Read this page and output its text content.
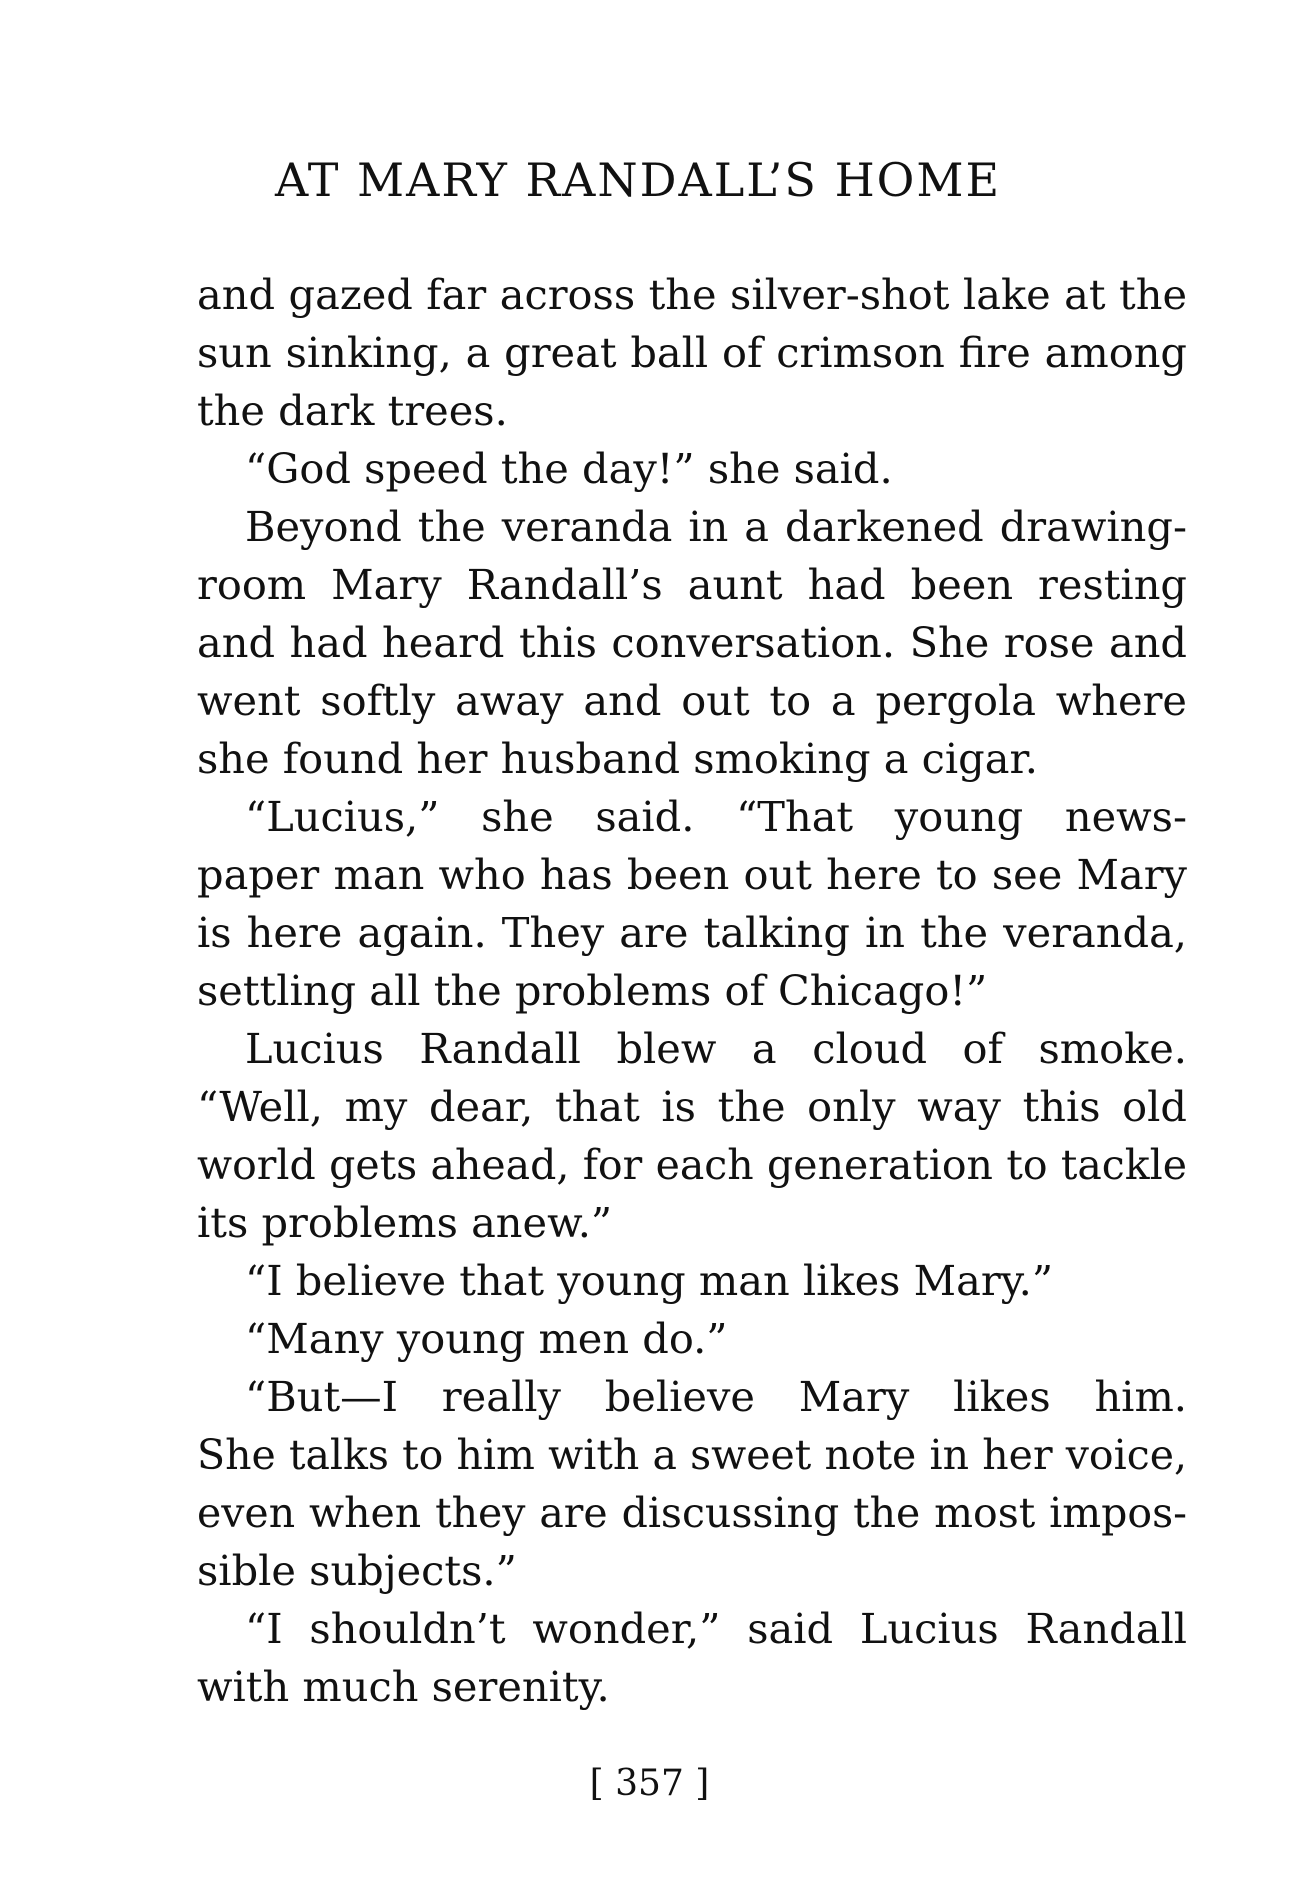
AT MARY RANDALL’S HOME
and gazed far across the silver-shot lake at the
sun sinking, a great ball of crimson fire among
the dark trees.
“God speed the day!” she said.
Beyond the veranda in a darkened drawing-
room Mary Randall’s aunt had been resting
and had heard this conversation. She rose and
went softly away and out to a pergola where
she found her husband smoking a cigar.
“Lucius,” she said. “That young news-
paper man who has been out here to see Mary
is here again. They are talking in the veranda,
settling all the problems of Chicago!”
Lucius Randall blew a cloud of smoke.
“Well, my dear, that is the only way this old
world gets ahead, for each generation to tackle
its problems anew.”
“I believe that young man likes Mary.”
“Many young men do.”
“But—I really believe Mary likes him.
She talks to him with a sweet note in her voice,
even when they are discussing the most impos-
sible subjects.”
“I shouldn’t wonder,” said Lucius Randall
with much serenity.
[ 357 ]
